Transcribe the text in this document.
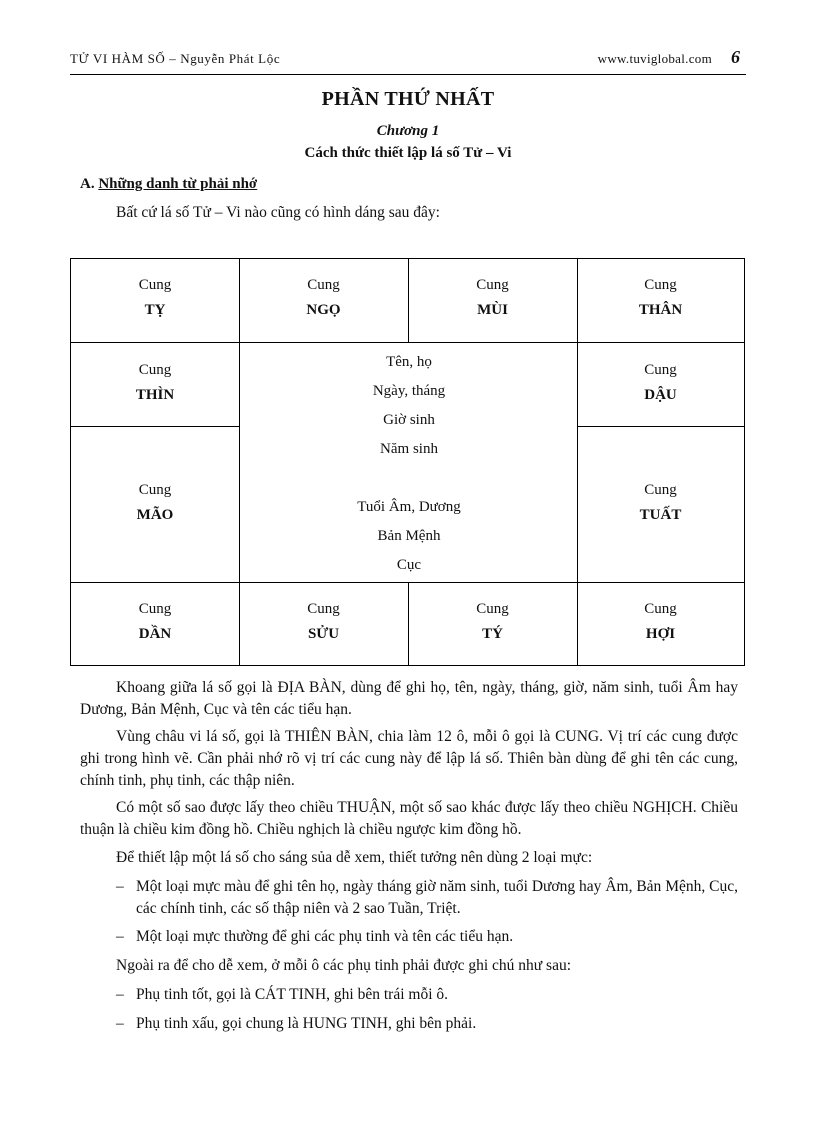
TỬ VI HÀM SỐ – Nguyễn Phát Lộc	www.tuviglobal.com 6
PHẦN THỨ NHẤT
Chương 1
Cách thức thiết lập lá số Tử – Vi
A. Những danh từ phải nhớ
Bất cứ lá số Tử – Vi nào cũng có hình dáng sau đây:
Cung
TỴ
Cung
NGỌ
Cung
MÙI
Cung
THÂN
Cung
THÌN
Cung
DẬU
Cung
MÃO
Cung
TUẤT
Cung
DẦN
Cung
SỬU
Cung
TÝ
Cung
HỢI
Tên, họ
Ngày, tháng
Giờ sinh
Năm sinh
Tuổi Âm, Dương
Bản Mệnh
Cục
Khoang giữa lá số gọi là ĐỊA BÀN, dùng để ghi họ, tên, ngày, tháng, giờ, năm sinh, tuổi Âm hay Dương, Bản Mệnh, Cục và tên các tiểu hạn.
Vùng châu vi lá số, gọi là THIÊN BÀN, chia làm 12 ô, mỗi ô gọi là CUNG. Vị trí các cung được ghi trong hình vẽ. Cần phải nhớ rõ vị trí các cung này để lập lá số. Thiên bàn dùng để ghi tên các cung, chính tinh, phụ tinh, các thập niên.
Có một số sao được lấy theo chiều THUẬN, một số sao khác được lấy theo chiều NGHỊCH. Chiều thuận là chiều kim đồng hồ. Chiều nghịch là chiều ngược kim đồng hồ.
Để thiết lập một lá số cho sáng sủa dễ xem, thiết tưởng nên dùng 2 loại mực:
– Một loại mực màu để ghi tên họ, ngày tháng giờ năm sinh, tuổi Dương hay Âm, Bản Mệnh, Cục, các chính tinh, các số thập niên và 2 sao Tuần, Triệt.
– Một loại mực thường để ghi các phụ tinh và tên các tiểu hạn.
Ngoài ra để cho dễ xem, ở mỗi ô các phụ tinh phải được ghi chú như sau:
– Phụ tinh tốt, gọi là CÁT TINH, ghi bên trái mỗi ô.
– Phụ tinh xấu, gọi chung là HUNG TINH, ghi bên phải.
